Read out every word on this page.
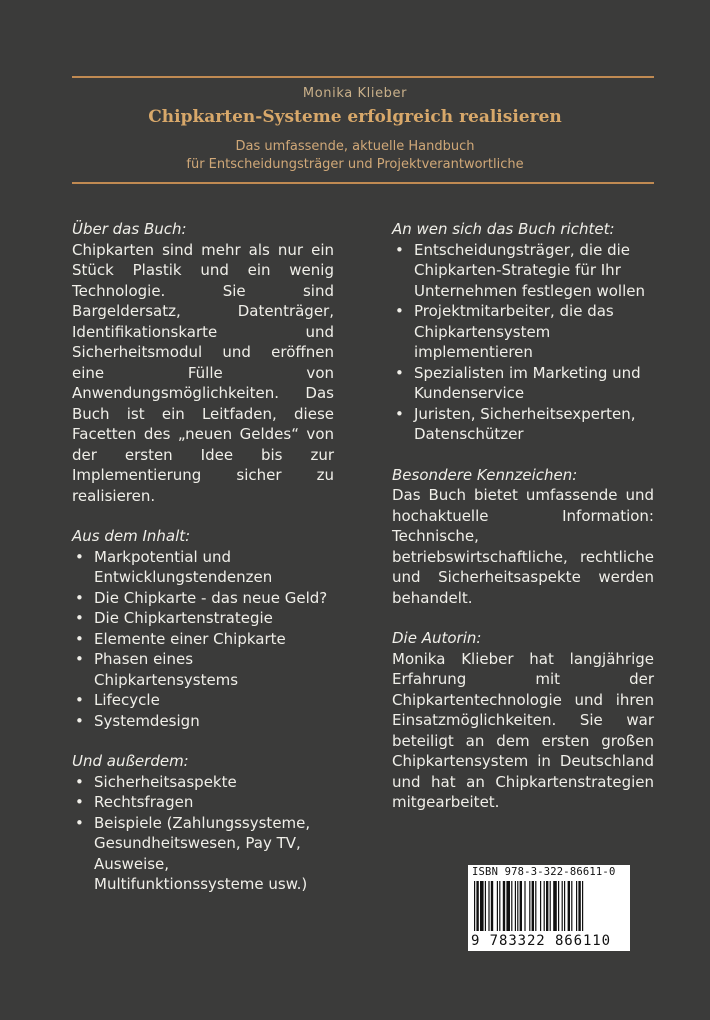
Monika Klieber
Chipkarten-Systeme erfolgreich realisieren
Das umfassende, aktuelle Handbuch
für Entscheidungsträger und Projektverantwortliche
Über das Buch:
Chipkarten sind mehr als nur ein Stück Plastik und ein wenig Technologie. Sie sind Bargeldersatz, Datenträger, Identifikationskarte und Sicherheitsmodul und eröffnen eine Fülle von Anwendungsmöglichkeiten. Das Buch ist ein Leitfaden, diese Facetten des „neuen Geldes“ von der ersten Idee bis zur Implementierung sicher zu realisieren.
Aus dem Inhalt:
• Markpotential und Entwicklungstendenzen
• Die Chipkarte - das neue Geld?
• Die Chipkartenstrategie
• Elemente einer Chipkarte
• Phasen eines Chipkartensystems
• Lifecycle
• Systemdesign
Und außerdem:
• Sicherheitsaspekte
• Rechtsfragen
• Beispiele (Zahlungssysteme, Gesundheitswesen, Pay TV, Ausweise, Multifunktionssysteme usw.)
An wen sich das Buch richtet:
• Entscheidungsträger, die die Chipkarten-Strategie für Ihr Unternehmen festlegen wollen
• Projektmitarbeiter, die das Chipkartensystem implementieren
• Spezialisten im Marketing und Kundenservice
• Juristen, Sicherheitsexperten, Datenschützer
Besondere Kennzeichen:
Das Buch bietet umfassende und hochaktuelle Information: Technische, betriebswirtschaftliche, rechtliche und Sicherheitsaspekte werden behandelt.
Die Autorin:
Monika Klieber hat langjährige Erfahrung mit der Chipkartentechnologie und ihren Einsatzmöglichkeiten. Sie war beteiligt an dem ersten großen Chipkartensystem in Deutschland und hat an Chipkartenstrategien mitgearbeitet.
ISBN 978-3-322-86611-0
9 783322 866110
